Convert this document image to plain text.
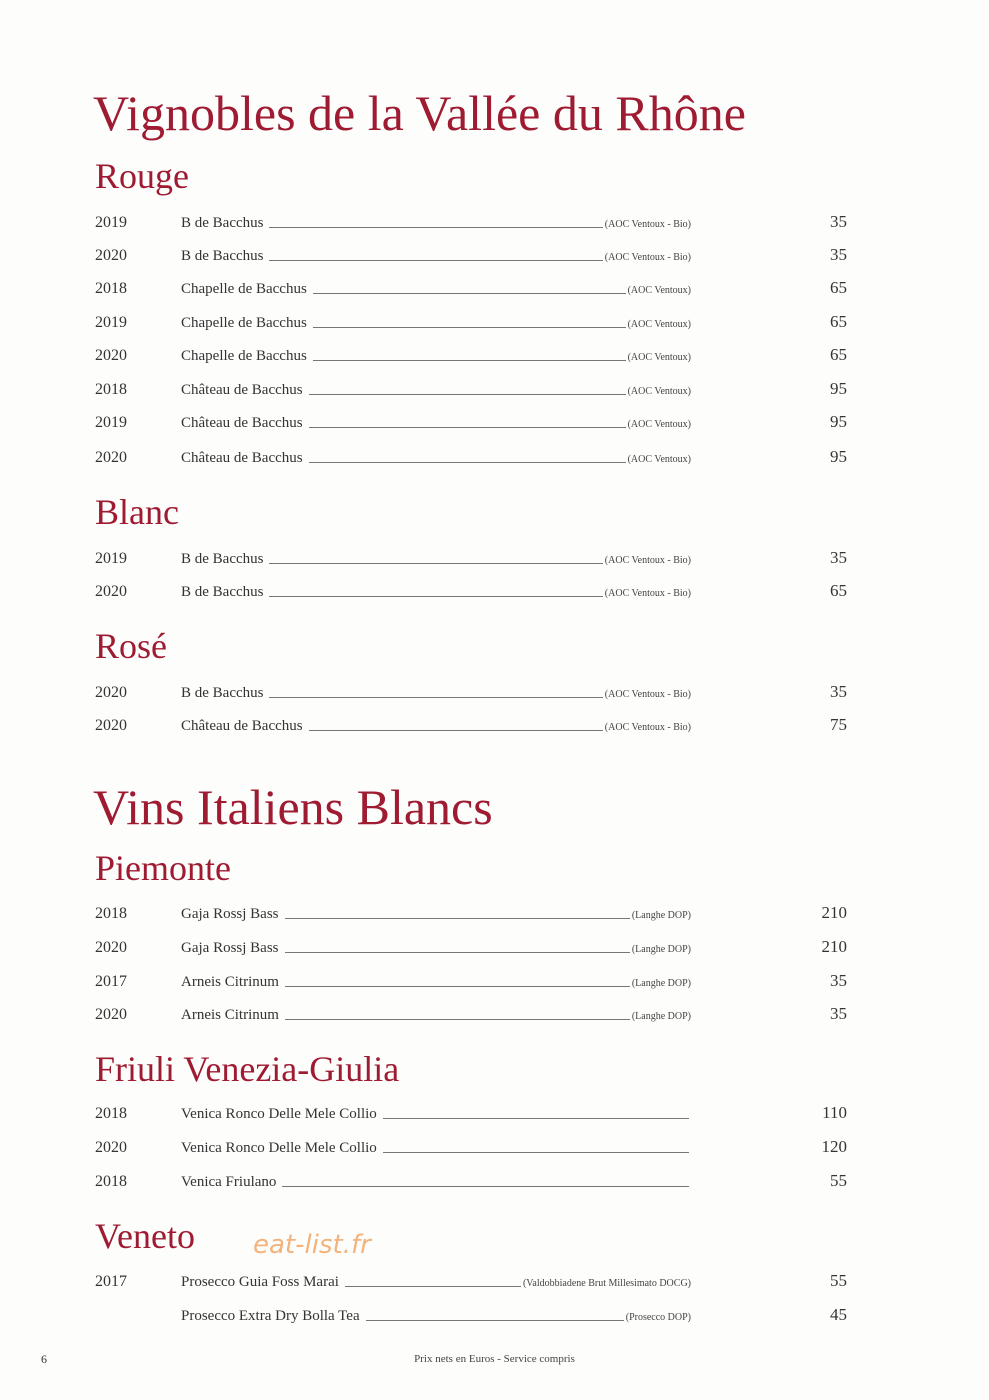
Vignobles de la Vallée du Rhône
Rouge
2019	B de Bacchus	(AOC Ventoux - Bio)	35
2020	B de Bacchus	(AOC Ventoux - Bio)	35
2018	Chapelle de Bacchus	(AOC Ventoux)	65
2019	Chapelle de Bacchus	(AOC Ventoux)	65
2020	Chapelle de Bacchus	(AOC Ventoux)	65
2018	Château de Bacchus	(AOC Ventoux)	95
2019	Château de Bacchus	(AOC Ventoux)	95
2020	Château de Bacchus	(AOC Ventoux)	95
Blanc
2019	B de Bacchus	(AOC Ventoux - Bio)	35
2020	B de Bacchus	(AOC Ventoux - Bio)	65
Rosé
2020	B de Bacchus	(AOC Ventoux - Bio)	35
2020	Château de Bacchus	(AOC Ventoux - Bio)	75
Vins Italiens Blancs
Piemonte
2018	Gaja Rossj Bass	(Langhe DOP)	210
2020	Gaja Rossj Bass	(Langhe DOP)	210
2017	Arneis Citrinum	(Langhe DOP)	35
2020	Arneis Citrinum	(Langhe DOP)	35
Friuli Venezia-Giulia
2018	Venica Ronco Delle Mele Collio	110
2020	Venica Ronco Delle Mele Collio	120
2018	Venica Friulano	55
Veneto
2017	Prosecco Guia Foss Marai	(Valdobbiadene Brut Millesimato DOCG)	55
Prosecco Extra Dry Bolla Tea	(Prosecco DOP)	45
eat-list.fr
6	Prix nets en Euros - Service compris
